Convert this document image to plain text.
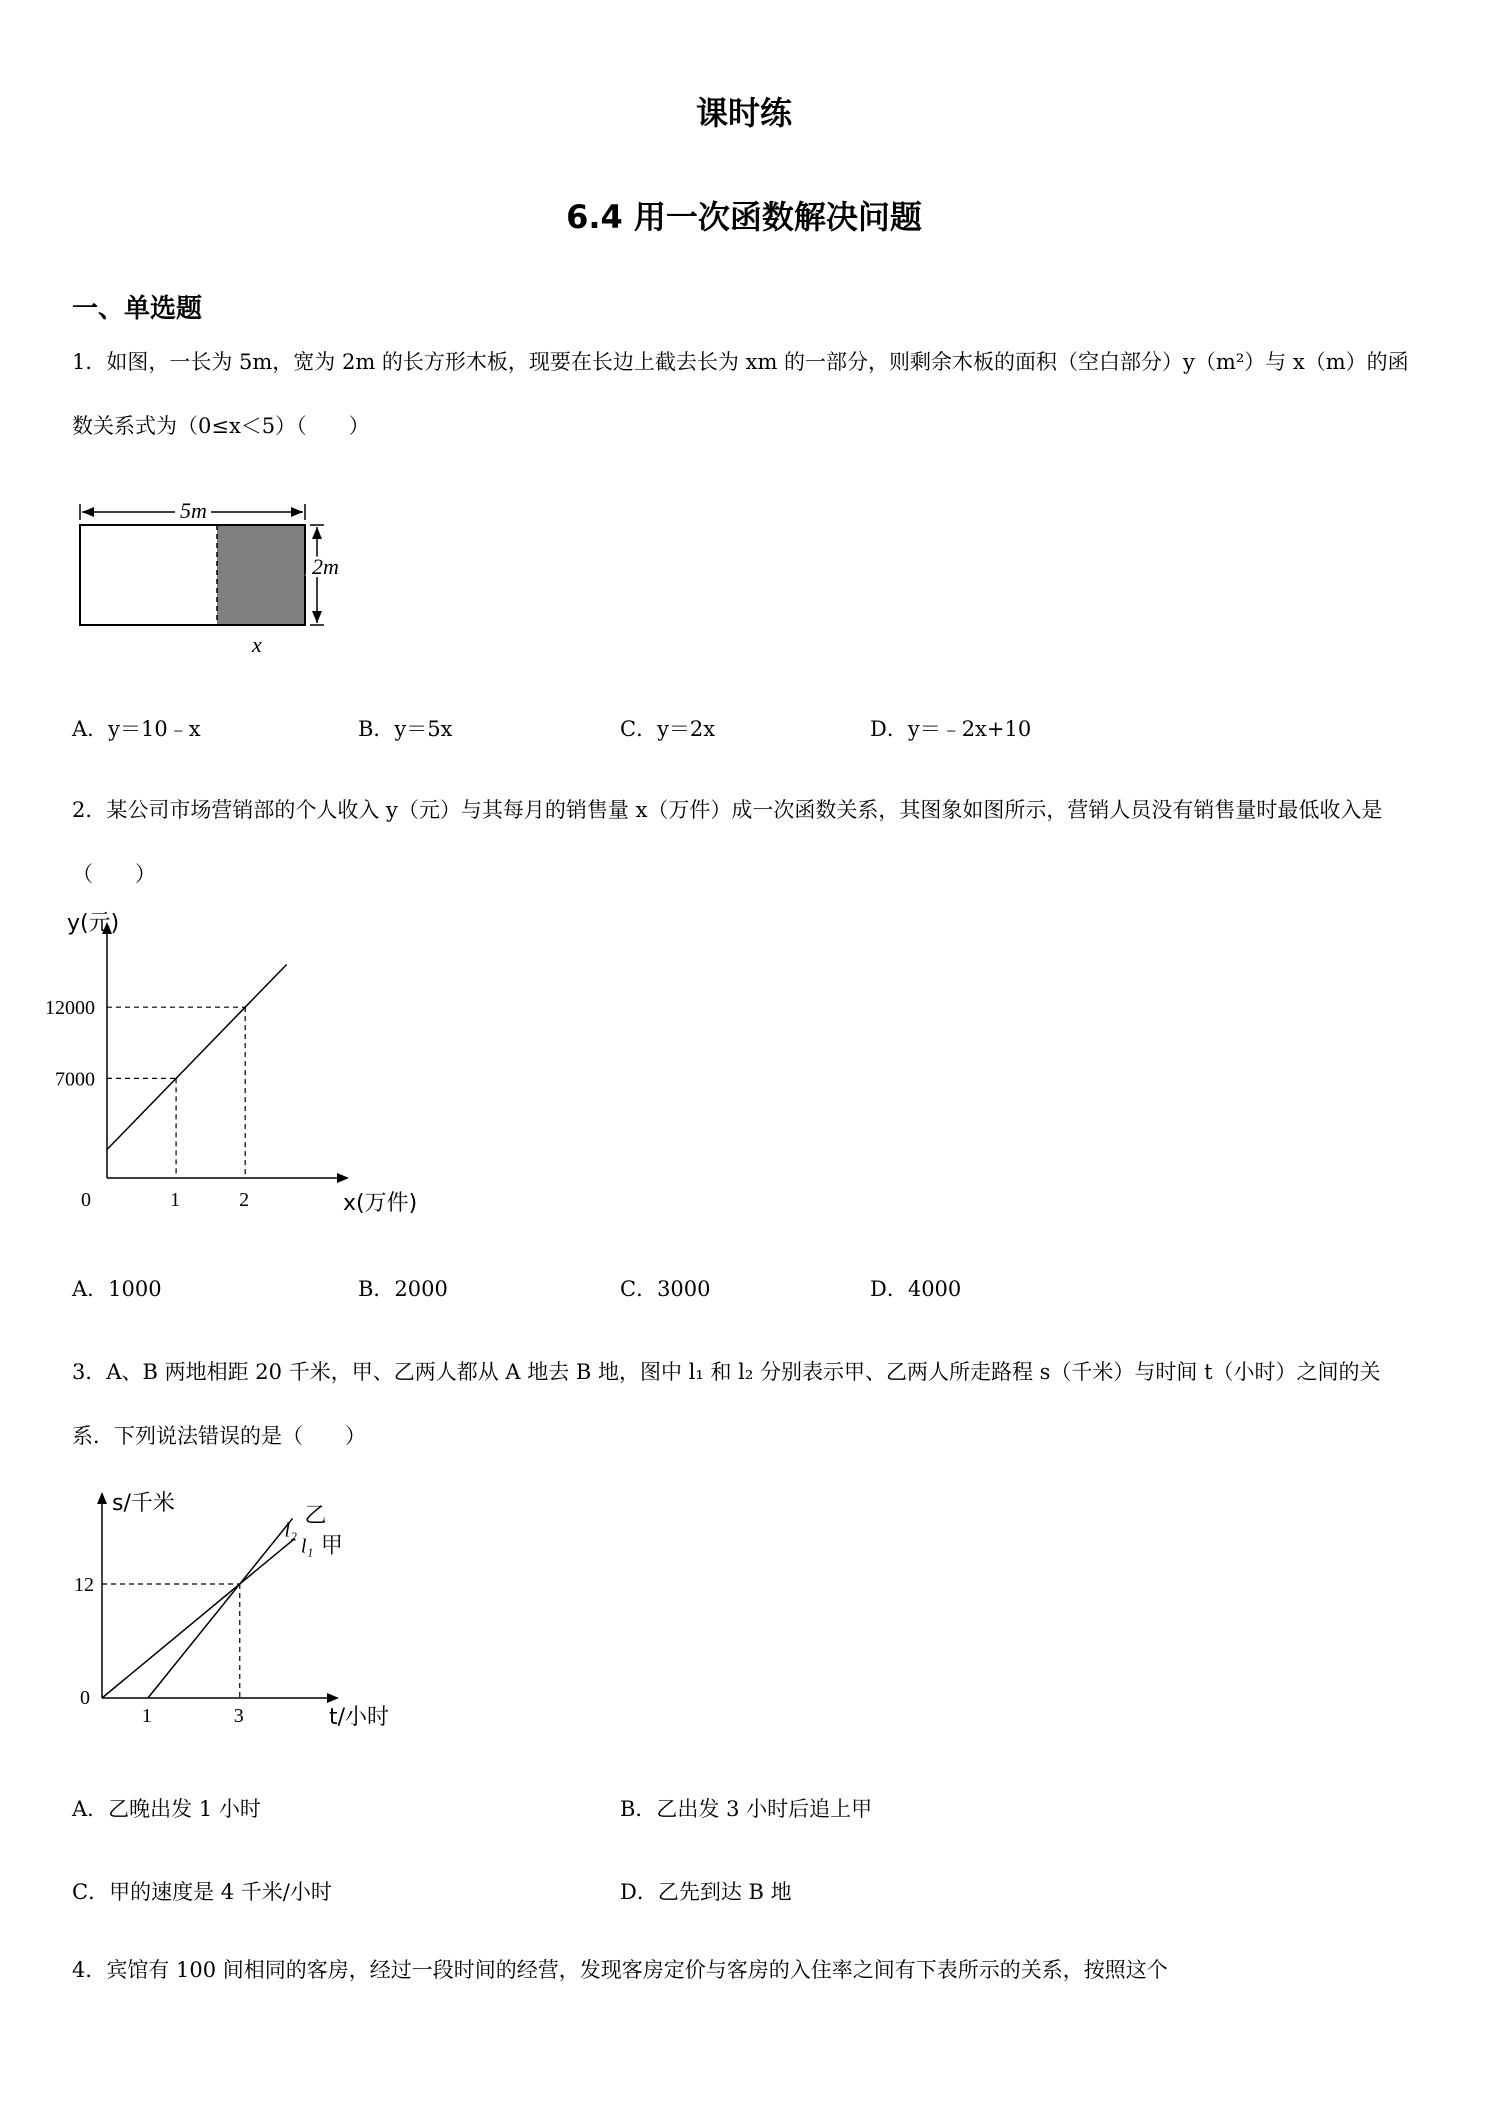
课时练
6.4 用一次函数解决问题
一、单选题
1．如图，一长为 5m，宽为 2m 的长方形木板，现要在长边上截去长为 xm 的一部分，则剩余木板的面积（空白部分）y（m²）与 x（m）的函数关系式为（0≤x＜5）（　　）
5m
2m
x
A．y＝10﹣x	B．y＝5x	C．y＝2x	D．y＝﹣2x+10
2．某公司市场营销部的个人收入 y（元）与其每月的销售量 x（万件）成一次函数关系，其图象如图所示，营销人员没有销售量时最低收入是（　　）
1
7000
2
12000
0	x(万件)
y(元)
A．1000	B．2000	C．3000	D．4000
3．A、B 两地相距 20 千米，甲、乙两人都从 A 地去 B 地，图中 l₁ 和 l₂ 分别表示甲、乙两人所走路程 s（千米）与时间 t（小时）之间的关系．下列说法错误的是（　　）
l₁ 甲
l₂
乙
1	3
12
0
t/小时
s/千米
A．乙晚出发 1 小时	B．乙出发 3 小时后追上甲
C．甲的速度是 4 千米/小时	D．乙先到达 B 地
4．宾馆有 100 间相同的客房，经过一段时间的经营，发现客房定价与客房的入住率之间有下表所示的关系，按照这个
